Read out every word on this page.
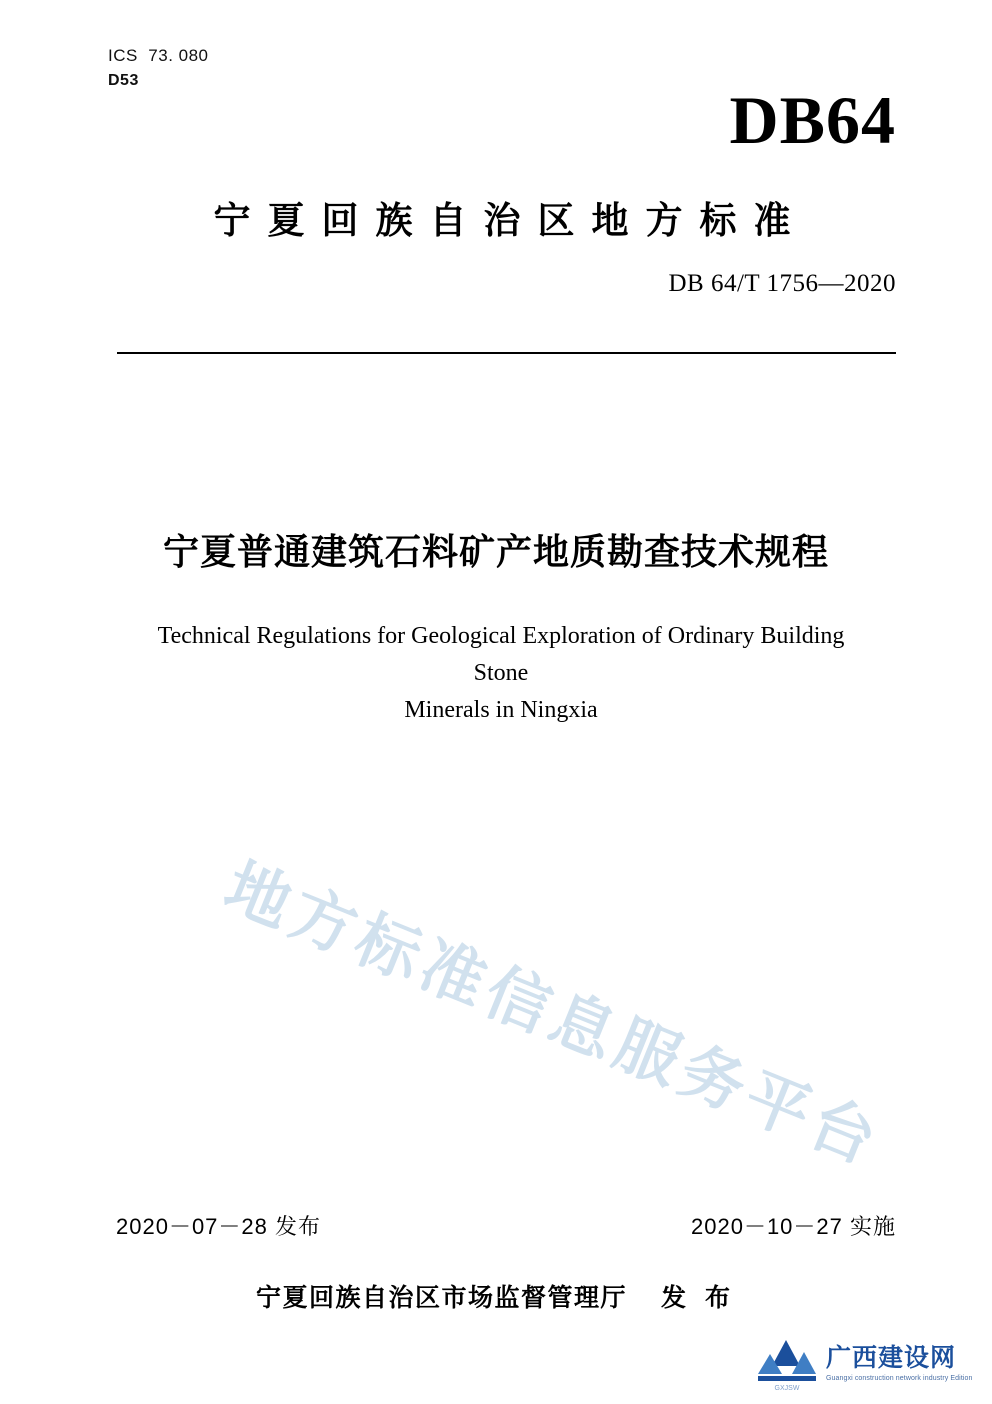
ICS  73. 080
D53
DB64
宁夏回族自治区地方标准
DB 64/T 1756—2020
宁夏普通建筑石料矿产地质勘查技术规程
Technical Regulations for Geological Exploration of Ordinary Building Stone
Minerals in Ningxia
地方标准信息服务平台
2020－07－28 发布	2020－10－27 实施
宁夏回族自治区市场监督管理厅 发 布
GXJSW
广西建设网
Guangxi construction network industry Edition
